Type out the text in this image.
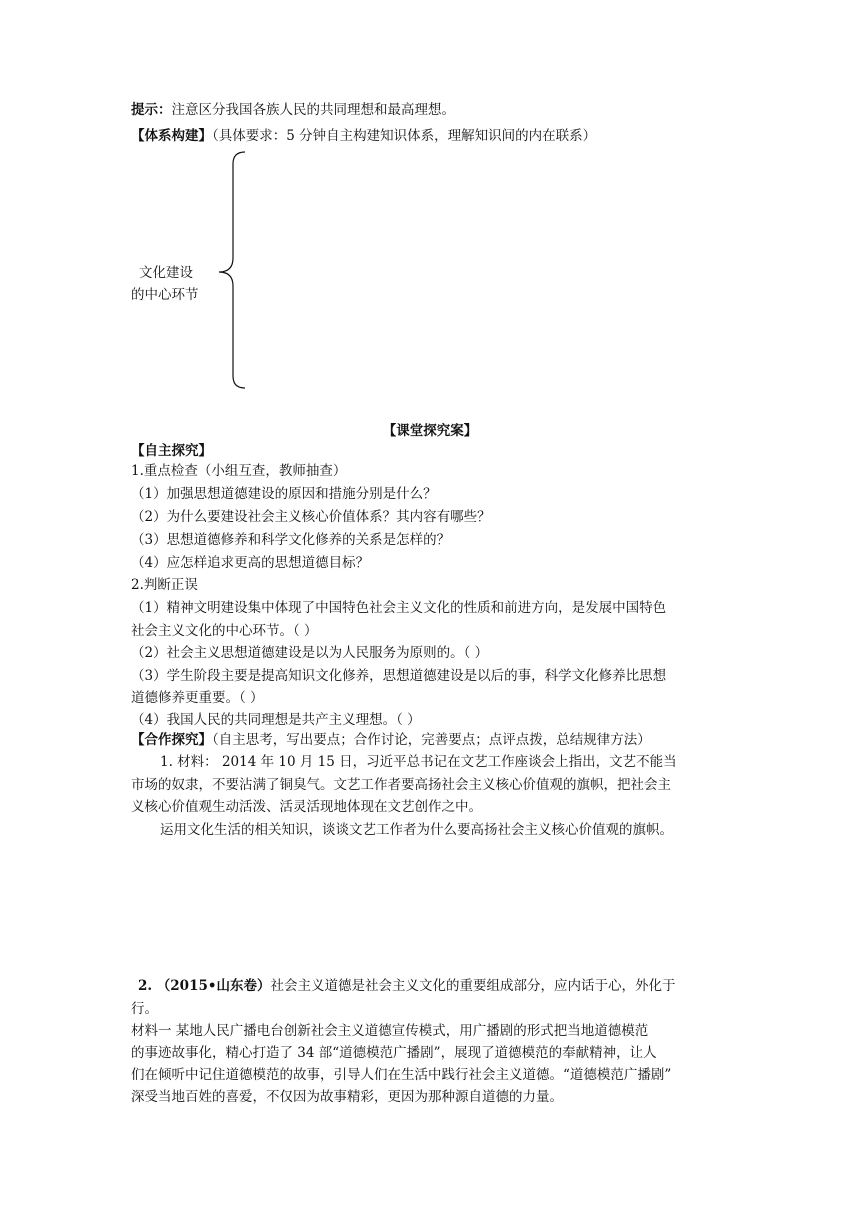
提示：注意区分我国各族人民的共同理想和最高理想。
【体系构建】（具体要求：5 分钟自主构建知识体系，理解知识间的内在联系）
文化建设
的中心环节
【课堂探究案】
【自主探究】
1.重点检查（小组互查，教师抽查）
（1）加强思想道德建设的原因和措施分别是什么？
（2）为什么要建设社会主义核心价值体系？其内容有哪些？
（3）思想道德修养和科学文化修养的关系是怎样的？
（4）应怎样追求更高的思想道德目标？
2.判断正误
（1）精神文明建设集中体现了中国特色社会主义文化的性质和前进方向，是发展中国特色
社会主义文化的中心环节。（ ）
（2）社会主义思想道德建设是以为人民服务为原则的。（ ）
（3）学生阶段主要是提高知识文化修养，思想道德建设是以后的事，科学文化修养比思想
道德修养更重要。（ ）
（4）我国人民的共同理想是共产主义理想。（ ）
【合作探究】（自主思考，写出要点；合作讨论，完善要点；点评点拨，总结规律方法）
1. 材料： 2014 年 10 月 15 日，习近平总书记在文艺工作座谈会上指出，文艺不能当
市场的奴隶，不要沾满了铜臭气。文艺工作者要高扬社会主义核心价值观的旗帜，把社会主
义核心价值观生动活泼、活灵活现地体现在文艺创作之中。
运用文化生活的相关知识，谈谈文艺工作者为什么要高扬社会主义核心价值观的旗帜。
2. （2015•山东卷）社会主义道德是社会主义文化的重要组成部分，应内话于心，外化于
行。
材料一 某地人民广播电台创新社会主义道德宣传模式，用广播剧的形式把当地道德模范
的事迹故事化，精心打造了 34 部“道德模范广播剧”，展现了道德模范的奉献精神，让人
们在倾听中记住道德模范的故事，引导人们在生活中践行社会主义道德。“道德模范广播剧”
深受当地百姓的喜爱，不仅因为故事精彩，更因为那种源自道德的力量。
